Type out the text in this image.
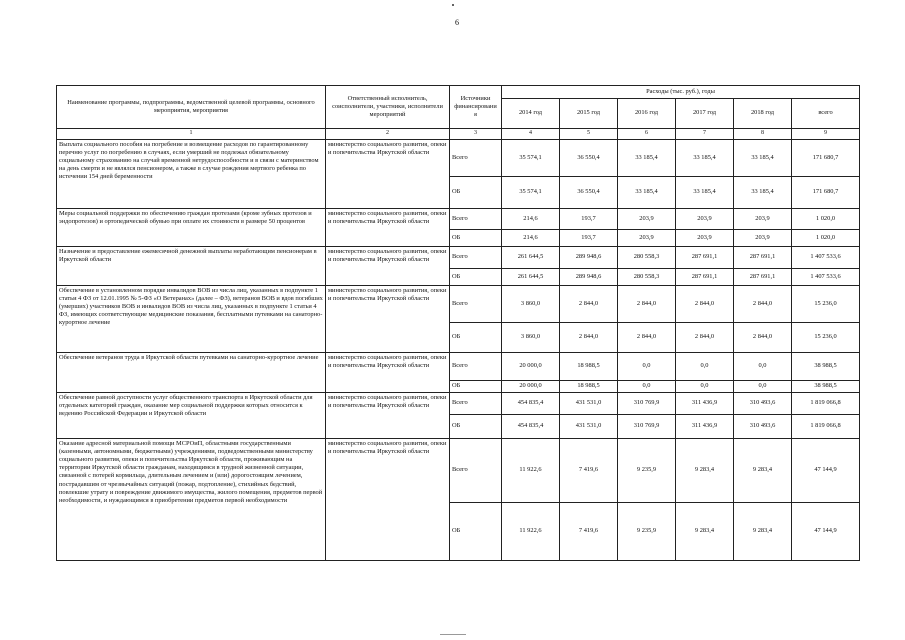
6
Наименование программы, подпрограммы, ведомственной целевой программы, основного мероприятия, мероприятия	Ответственный исполнитель, соисполнители, участники, исполнители мероприятий	Источники финансировани я	Расходы (тыс. руб.), годы					
			2014 год	2015 год	2016 год	2017 год	2018 год	всего
1	2	3	4	5	6	7	8	9
Выплата социального пособия на погребение и возмещение расходов по гарантированному перечню услуг по погребению в случаях, если умерший не подлежал обязательному социальному страхованию на случай временной нетрудоспособности и в связи с материнством на день смерти и не являлся пенсионером, а также в случае рождения мертвого ребенка по истечении 154 дней беременности	министерство социального развития, опеки и попечительства Иркутской области	Всего	35 574,1	36 550,4	33 185,4	33 185,4	33 185,4	171 680,7
		ОБ	35 574,1	36 550,4	33 185,4	33 185,4	33 185,4	171 680,7
Меры социальной поддержки по обеспечению граждан протезами (кроме зубных протезов и эндопротезов) и ортопедической обувью при оплате их стоимости в размере 50 процентов	министерство социального развития, опеки и попечительства Иркутской области	Всего	214,6	193,7	203,9	203,9	203,9	1 020,0
		ОБ	214,6	193,7	203,9	203,9	203,9	1 020,0
Назначение и предоставление ежемесячной денежной выплаты неработающим пенсионерам в Иркутской области	министерство социального развития, опеки и попечительства Иркутской области	Всего	261 644,5	289 948,6	280 558,3	287 691,1	287 691,1	1 407 533,6
		ОБ	261 644,5	289 948,6	280 558,3	287 691,1	287 691,1	1 407 533,6
Обеспечение в установленном порядке инвалидов ВОВ из числа лиц, указанных в подпункте 1 статьи 4 ФЗ от 12.01.1995 № 5-ФЗ «О Ветеранах» (далее – ФЗ), ветеранов ВОВ и вдов погибших (умерших) участников ВОВ и инвалидов ВОВ из числа лиц, указанных в подпункте 1 статьи 4 ФЗ, имеющих соответствующие медицинские показания, бесплатными путевками на санаторно-курортное лечение	министерство социального развития, опеки и попечительства Иркутской области	Всего	3 860,0	2 844,0	2 844,0	2 844,0	2 844,0	15 236,0
		ОБ	3 860,0	2 844,0	2 844,0	2 844,0	2 844,0	15 236,0
Обеспечение ветеранов труда в Иркутской области путевками на санаторно-курортное лечение	министерство социального развития, опеки и попечительства Иркутской области	Всего	20 000,0	18 988,5	0,0	0,0	0,0	38 988,5
		ОБ	20 000,0	18 988,5	0,0	0,0	0,0	38 988,5
Обеспечение равной доступности услуг общественного транспорта в Иркутской области для отдельных категорий граждан, оказание мер социальной поддержки которых относится к ведению Российской Федерации и Иркутской области	министерство социального развития, опеки и попечительства Иркутской области	Всего	454 835,4	431 531,0	310 769,9	311 436,9	310 493,6	1 819 066,8
		ОБ	454 835,4	431 531,0	310 769,9	311 436,9	310 493,6	1 819 066,8
Оказание адресной материальной помощи МСРОиП, областными государственными (казенными, автономными, бюджетными) учреждениями, подведомственными министерству социального развития, опеки и попечительства Иркутской области, проживающим на территории Иркутской области гражданам, находящимся в трудной жизненной ситуации, связанной с потерей кормильца, длительным лечением и (или) дорогостоящим лечением, пострадавшим от чрезвычайных ситуаций (пожар, подтопление), стихийных бедствий, повлекшие утрату и повреждение движимого имущества, жилого помещения, предметов первой необходимости, и нуждающимся в приобретении предметов первой необходимости	министерство социального развития, опеки и попечительства Иркутской области	Всего	11 922,6	7 419,6	9 235,9	9 283,4	9 283,4	47 144,9
		ОБ	11 922,6	7 419,6	9 235,9	9 283,4	9 283,4	47 144,9
